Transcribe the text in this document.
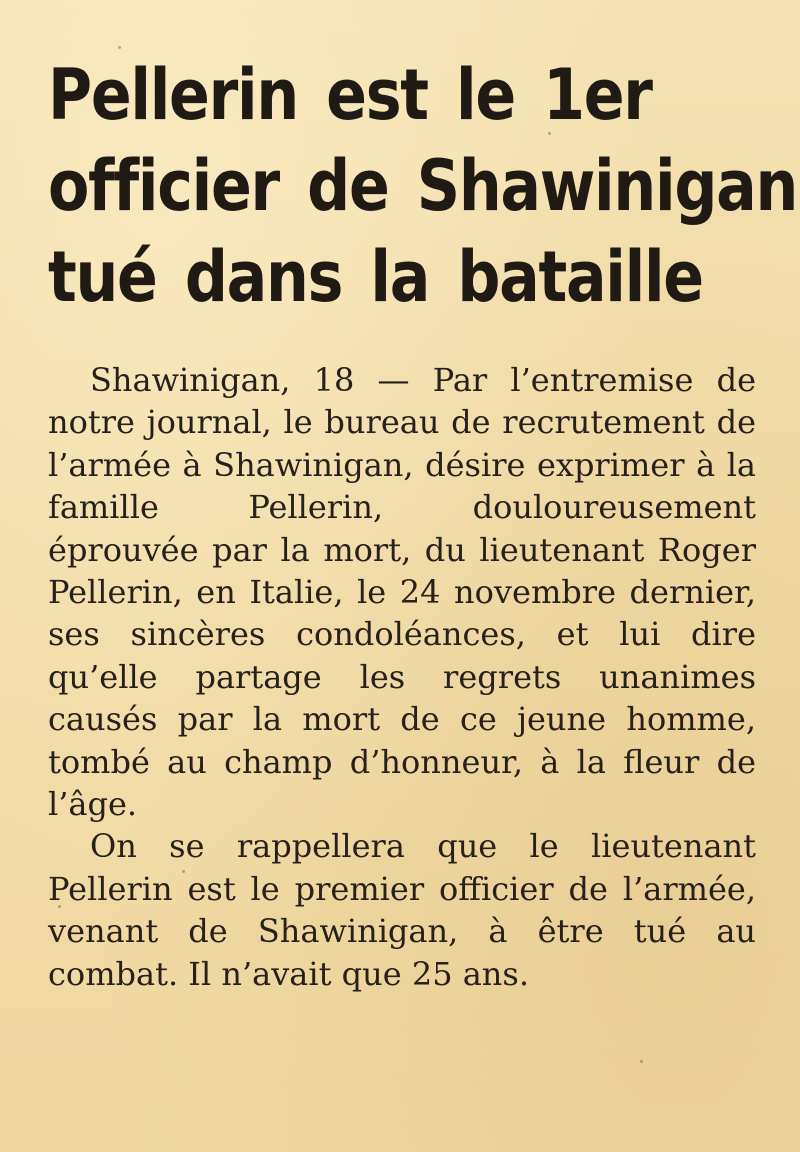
Pellerin est le 1er
officier de Shawinigan
tué dans la bataille

Shawinigan, 18 — Par l’entremise de notre journal, le bureau de recrutement de l’armée à Shawinigan, désire exprimer à la famille Pellerin, douloureusement éprouvée par la mort, du lieutenant Roger Pellerin, en Italie, le 24 novembre dernier, ses sincères condoléances, et lui dire qu’elle partage les regrets unanimes causés par la mort de ce jeune homme, tombé au champ d’honneur, à la fleur de l’âge.

On se rappellera que le lieutenant Pellerin est le premier officier de l’armée, venant de Shawinigan, à être tué au combat. Il n’avait que 25 ans.
